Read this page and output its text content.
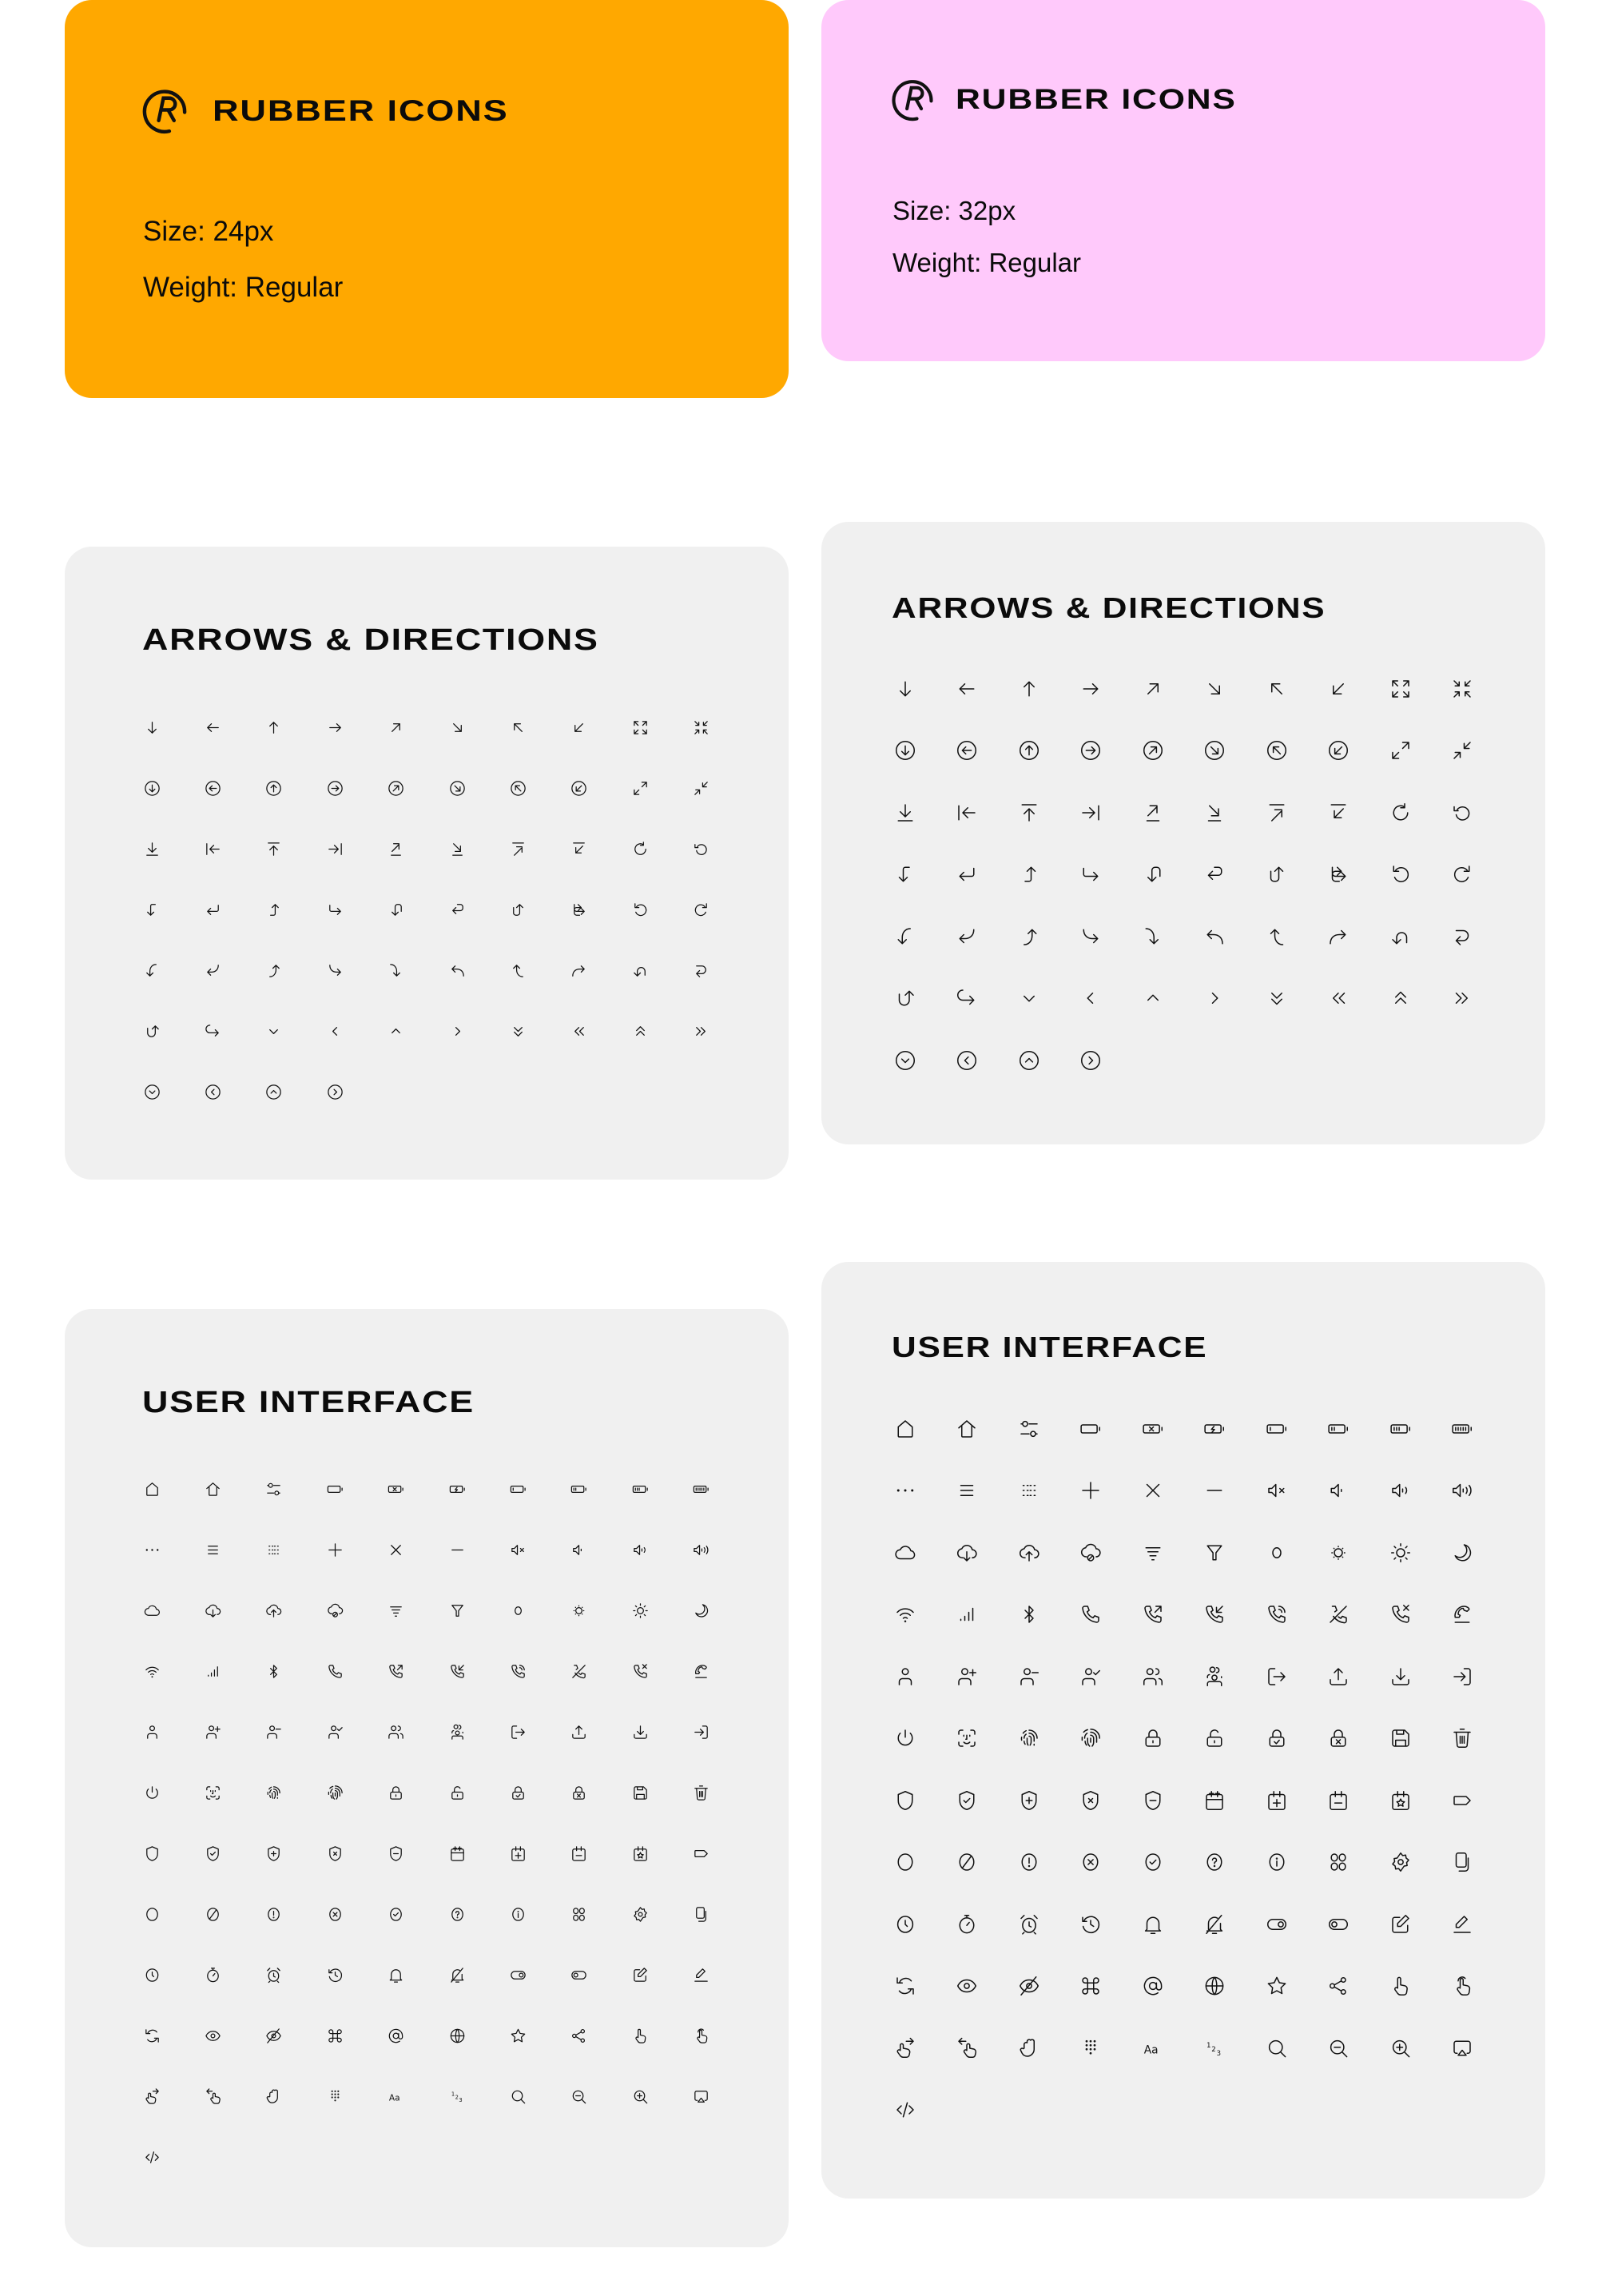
RUBBER ICONS
Size: 24px
Weight: Regular
RUBBER ICONS
Size: 32px
Weight: Regular
ARROWS & DIRECTIONS
ARROWS & DIRECTIONS
USER INTERFACE
Aa	1 2 3
USER INTERFACE
Aa	1 2 3
